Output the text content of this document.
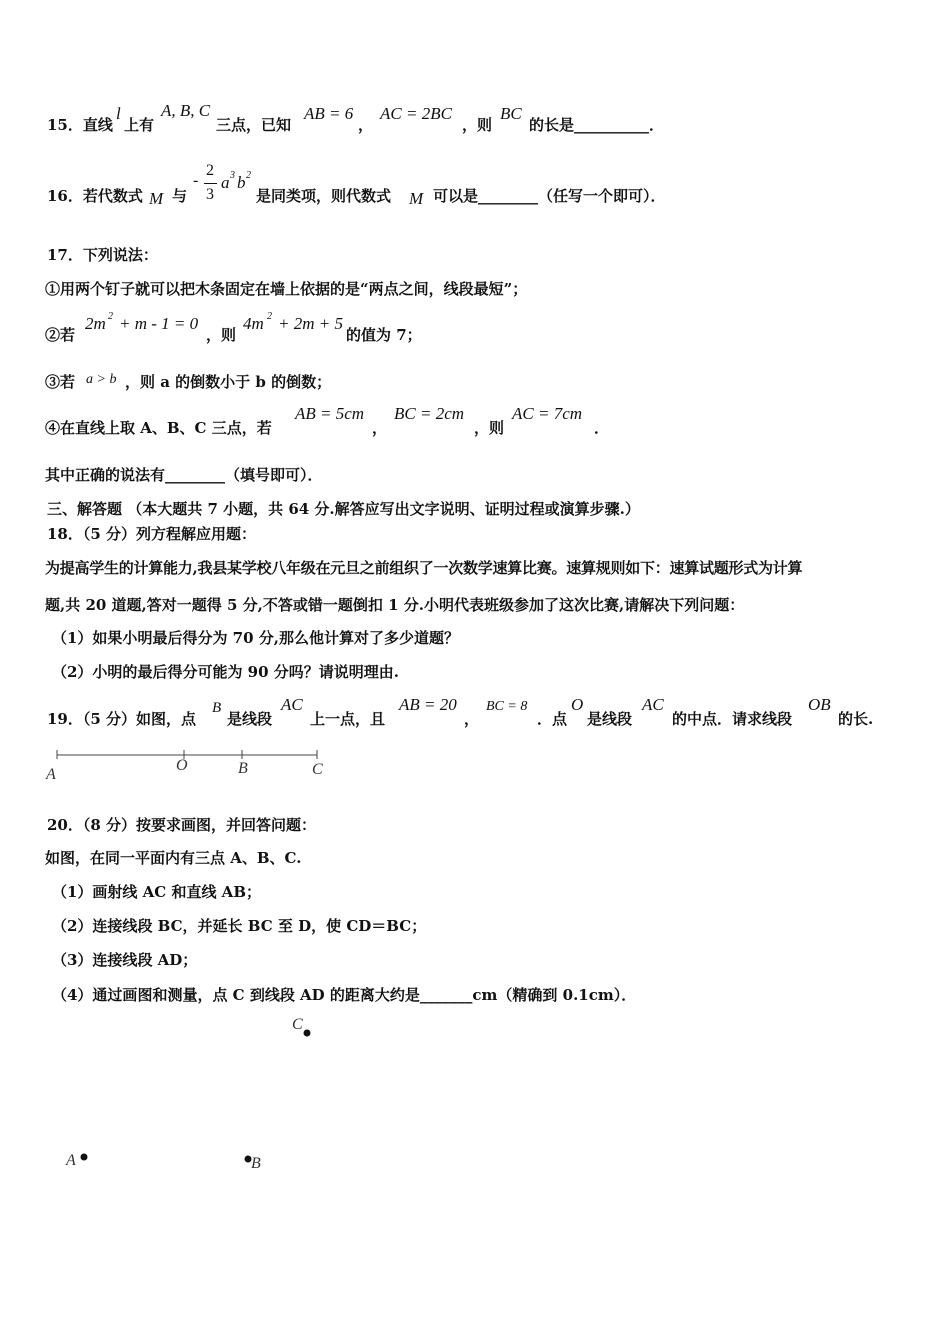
15．直线
l
上有
A, B, C
三点，已知
AB = 6
，
AC = 2BC
，则
BC
的长是__________．
16．若代数式 M 与
-
2
3
a 3 b 2
是同类项，则代数式 M 可以是________（任写一个即可）．
17．下列说法：
①用两个钉子就可以把木条固定在墙上依据的是“两点之间，线段最短”；
②若
2m 2 + m - 1 = 0
，则
4m 2 + 2m + 5
的值为 7；
③若 a > b ，则 a 的倒数小于 b 的倒数；
④在直线上取 A、B、C 三点，若
AB = 5cm
，
BC = 2cm
，则
AC = 7cm
．
其中正确的说法有________（填号即可）．
三、解答题 （本大题共 7 小题，共 64 分.解答应写出文字说明、证明过程或演算步骤.）
18．（5 分）列方程解应用题：
为提高学生的计算能力,我县某学校八年级在元旦之前组织了一次数学速算比赛。速算规则如下：速算试题形式为计算
题,共 20 道题,答对一题得 5 分,不答或错一题倒扣 1 分.小明代表班级参加了这次比赛,请解决下列问题：
（1）如果小明最后得分为 70 分,那么他计算对了多少道题？
（2）小明的最后得分可能为 90 分吗？请说明理由.
19．（5 分）如图，点
B
是线段
AC
上一点，且
AB = 20
，
BC = 8
．点
O
是线段
AC
的中点．请求线段
OB
的长.
A
O	B	C
20．（8 分）按要求画图，并回答问题：
如图，在同一平面内有三点 A、B、C.
（1）画射线 AC 和直线 AB；
（2）连接线段 BC，并延长 BC 至 D，使 CD＝BC；
（3）连接线段 AD；
（4）通过画图和测量，点 C 到线段 AD 的距离大约是_______cm（精确到 0.1cm）．
C
A	B
